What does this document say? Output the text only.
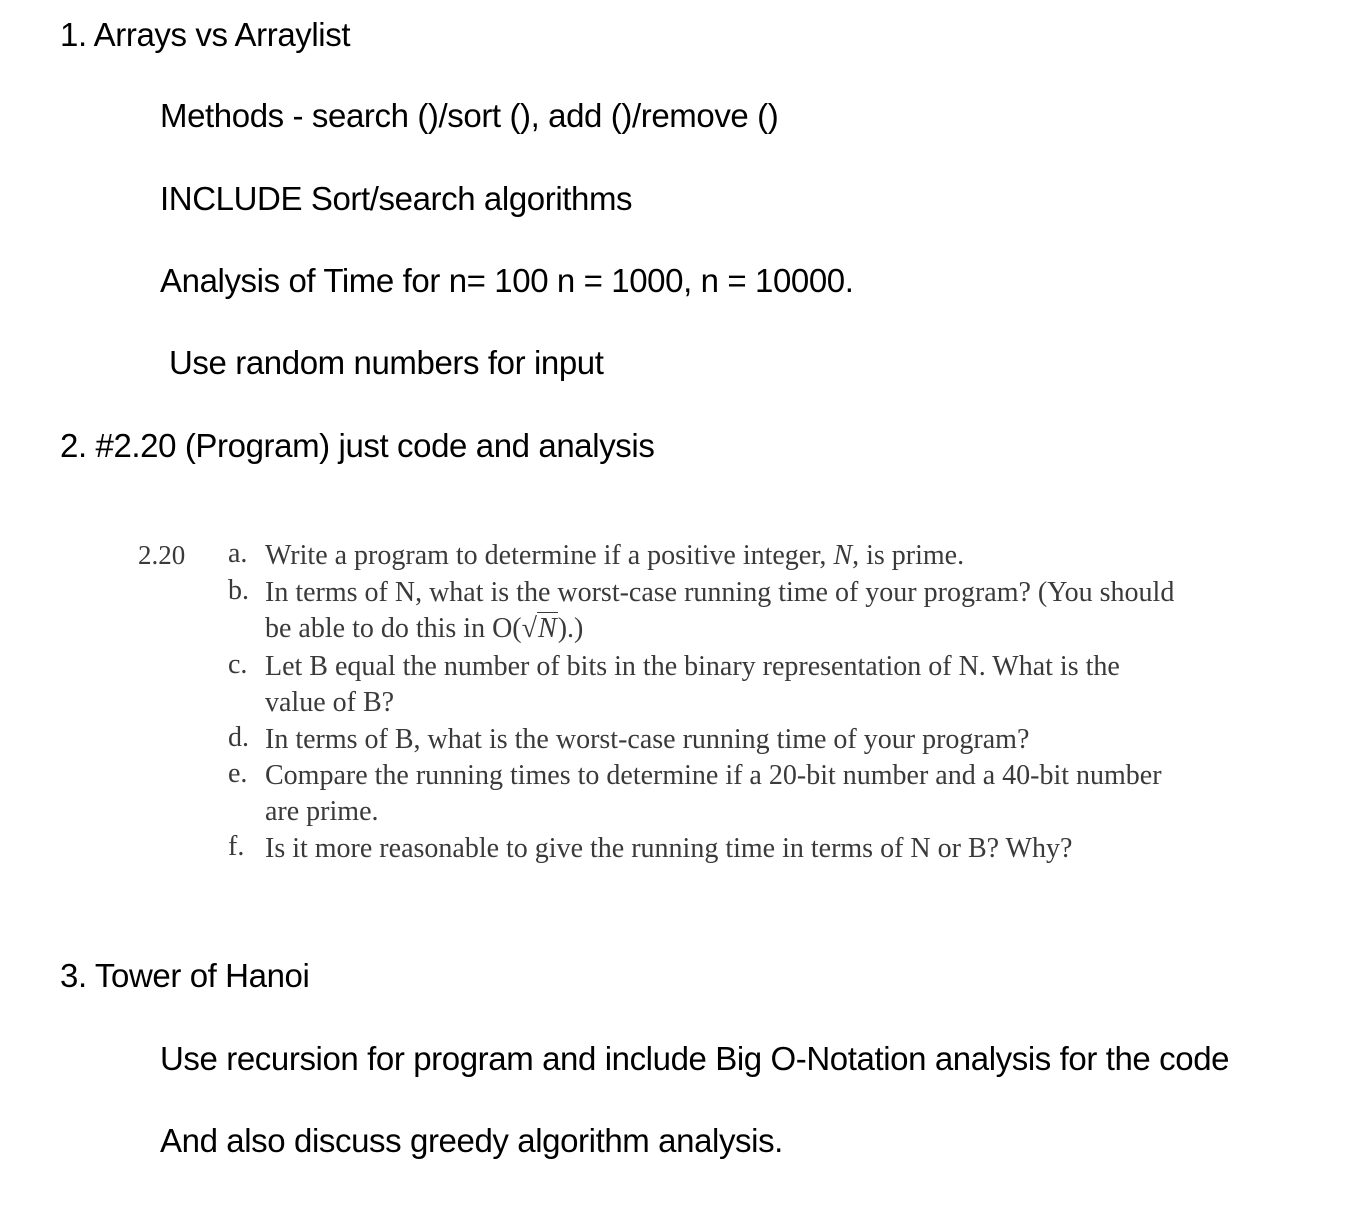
1. Arrays vs Arraylist
Methods - search ()/sort (), add ()/remove ()
INCLUDE Sort/search algorithms
Analysis of Time for n= 100 n = 1000, n = 10000.
Use random numbers for input
2. #2.20 (Program) just code and analysis
2.20 a. Write a program to determine if a positive integer, N, is prime.
b. In terms of N, what is the worst-case running time of your program? (You should
be able to do this in O(√N).)
c. Let B equal the number of bits in the binary representation of N. What is the
value of B?
d. In terms of B, what is the worst-case running time of your program?
e. Compare the running times to determine if a 20-bit number and a 40-bit number
are prime.
f. Is it more reasonable to give the running time in terms of N or B? Why?
3. Tower of Hanoi
Use recursion for program and include Big O-Notation analysis for the code
And also discuss greedy algorithm analysis.
